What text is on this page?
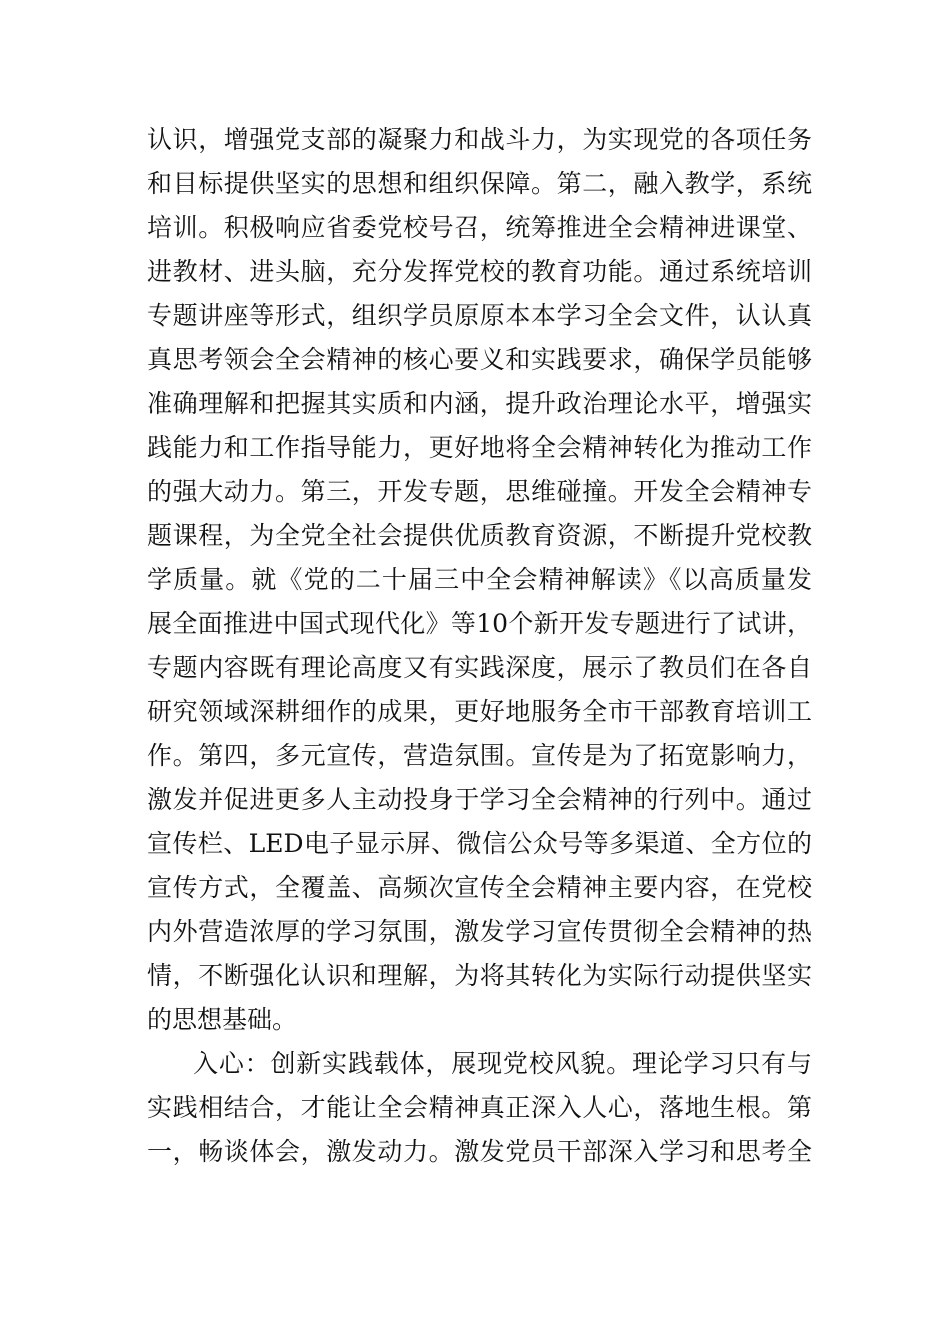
认识，增强党支部的凝聚力和战斗力，为实现党的各项任务
和目标提供坚实的思想和组织保障。第二，融入教学，系统
培训。积极响应省委党校号召，统筹推进全会精神进课堂、
进教材、进头脑，充分发挥党校的教育功能。通过系统培训
专题讲座等形式，组织学员原原本本学习全会文件，认认真
真思考领会全会精神的核心要义和实践要求，确保学员能够
准确理解和把握其实质和内涵，提升政治理论水平，增强实
践能力和工作指导能力，更好地将全会精神转化为推动工作
的强大动力。第三，开发专题，思维碰撞。开发全会精神专
题课程，为全党全社会提供优质教育资源，不断提升党校教
学质量。就《党的二十届三中全会精神解读》《以高质量发
展全面推进中国式现代化》等10个新开发专题进行了试讲，
专题内容既有理论高度又有实践深度，展示了教员们在各自
研究领域深耕细作的成果，更好地服务全市干部教育培训工
作。第四，多元宣传，营造氛围。宣传是为了拓宽影响力，
激发并促进更多人主动投身于学习全会精神的行列中。通过
宣传栏、LED电子显示屏、微信公众号等多渠道、全方位的
宣传方式，全覆盖、高频次宣传全会精神主要内容，在党校
内外营造浓厚的学习氛围，激发学习宣传贯彻全会精神的热
情，不断强化认识和理解，为将其转化为实际行动提供坚实
的思想基础。
入心：创新实践载体，展现党校风貌。理论学习只有与
实践相结合，才能让全会精神真正深入人心，落地生根。第
一，畅谈体会，激发动力。激发党员干部深入学习和思考全
